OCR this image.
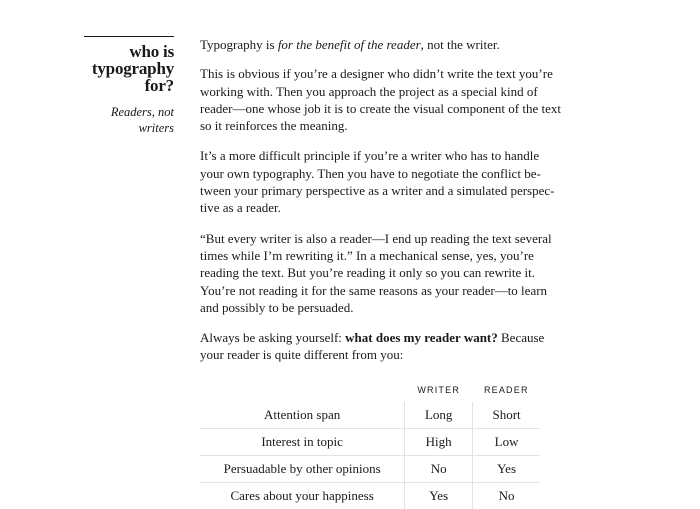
who is
typography
for?

Readers, not
writers

Typography is for the benefit of the reader, not the writer.

This is obvious if you’re a designer who didn’t write the text you’re working with. Then you approach the project as a special kind of reader—one whose job it is to create the visual component of the text so it reinforces the meaning.

It’s a more difficult principle if you’re a writer who has to handle your own typography. Then you have to negotiate the conflict between your primary perspective as a writer and a simulated perspective as a reader.

“But every writer is also a reader—I end up reading the text several times while I’m rewriting it.” In a mechanical sense, yes, you’re reading the text. But you’re reading it only so you can rewrite it. You’re not reading it for the same reasons as your reader—to learn and possibly to be persuaded.

Always be asking yourself: what does my reader want? Because your reader is quite different from you:

	WRITER	READER
Attention span	Long	Short
Interest in topic	High	Low
Persuadable by other opinions	No	Yes
Cares about your happiness	Yes	No
